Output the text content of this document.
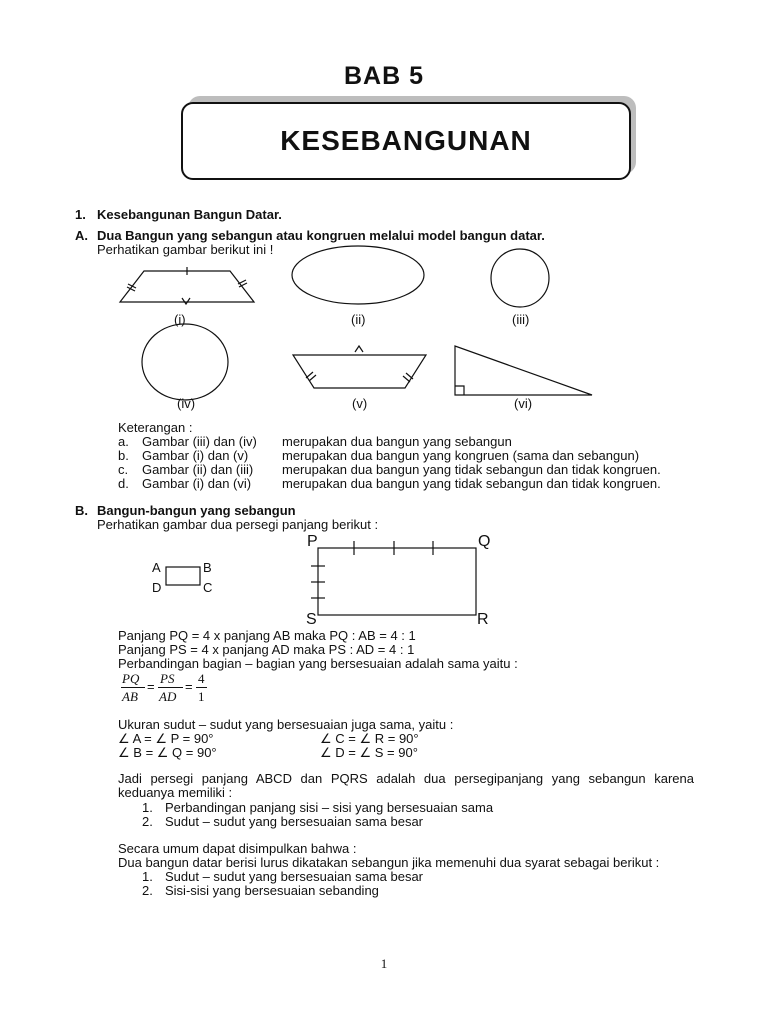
BAB 5
KESEBANGUNAN
1. Kesebangunan Bangun Datar.
A. Dua Bangun yang sebangun atau kongruen melalui model bangun datar.
Perhatikan gambar berikut ini !
(i)	(ii)	(iii)
(iv)	(v)	(vi)
Keterangan :
a. Gambar (iii) dan (iv) merupakan dua bangun yang sebangun
b. Gambar (i) dan (v)	merupakan dua bangun yang kongruen (sama dan sebangun)
c. Gambar (ii) dan (iii) merupakan dua bangun yang tidak sebangun dan tidak kongruen.
d. Gambar (i) dan (vi) merupakan dua bangun yang tidak sebangun dan tidak kongruen.
B. Bangun-bangun yang sebangun
Perhatikan gambar dua persegi panjang berikut :
A	B
D	C
P	Q
S	R
Panjang PQ = 4 x panjang AB maka PQ : AB = 4 : 1
Panjang PS = 4 x panjang AD maka PS : AD = 4 : 1
Perbandingan bagian – bagian yang bersesuaian adalah sama yaitu :
PQ
AB
=
PS
AD
=
4
1
Ukuran sudut – sudut yang bersesuaian juga sama, yaitu :
∠ A = ∠ P = 90°	∠ C = ∠ R = 90°
∠ B = ∠ Q = 90°	∠ D = ∠ S = 90°
Jadi persegi panjang ABCD dan PQRS adalah dua persegipanjang yang sebangun karena keduanya memiliki :
1. Perbandingan panjang sisi – sisi yang bersesuaian sama
2. Sudut – sudut yang bersesuaian sama besar
Secara umum dapat disimpulkan bahwa :
Dua bangun datar berisi lurus dikatakan sebangun jika memenuhi dua syarat sebagai berikut :
1. Sudut – sudut yang bersesuaian sama besar
2. Sisi-sisi yang bersesuaian sebanding
1
